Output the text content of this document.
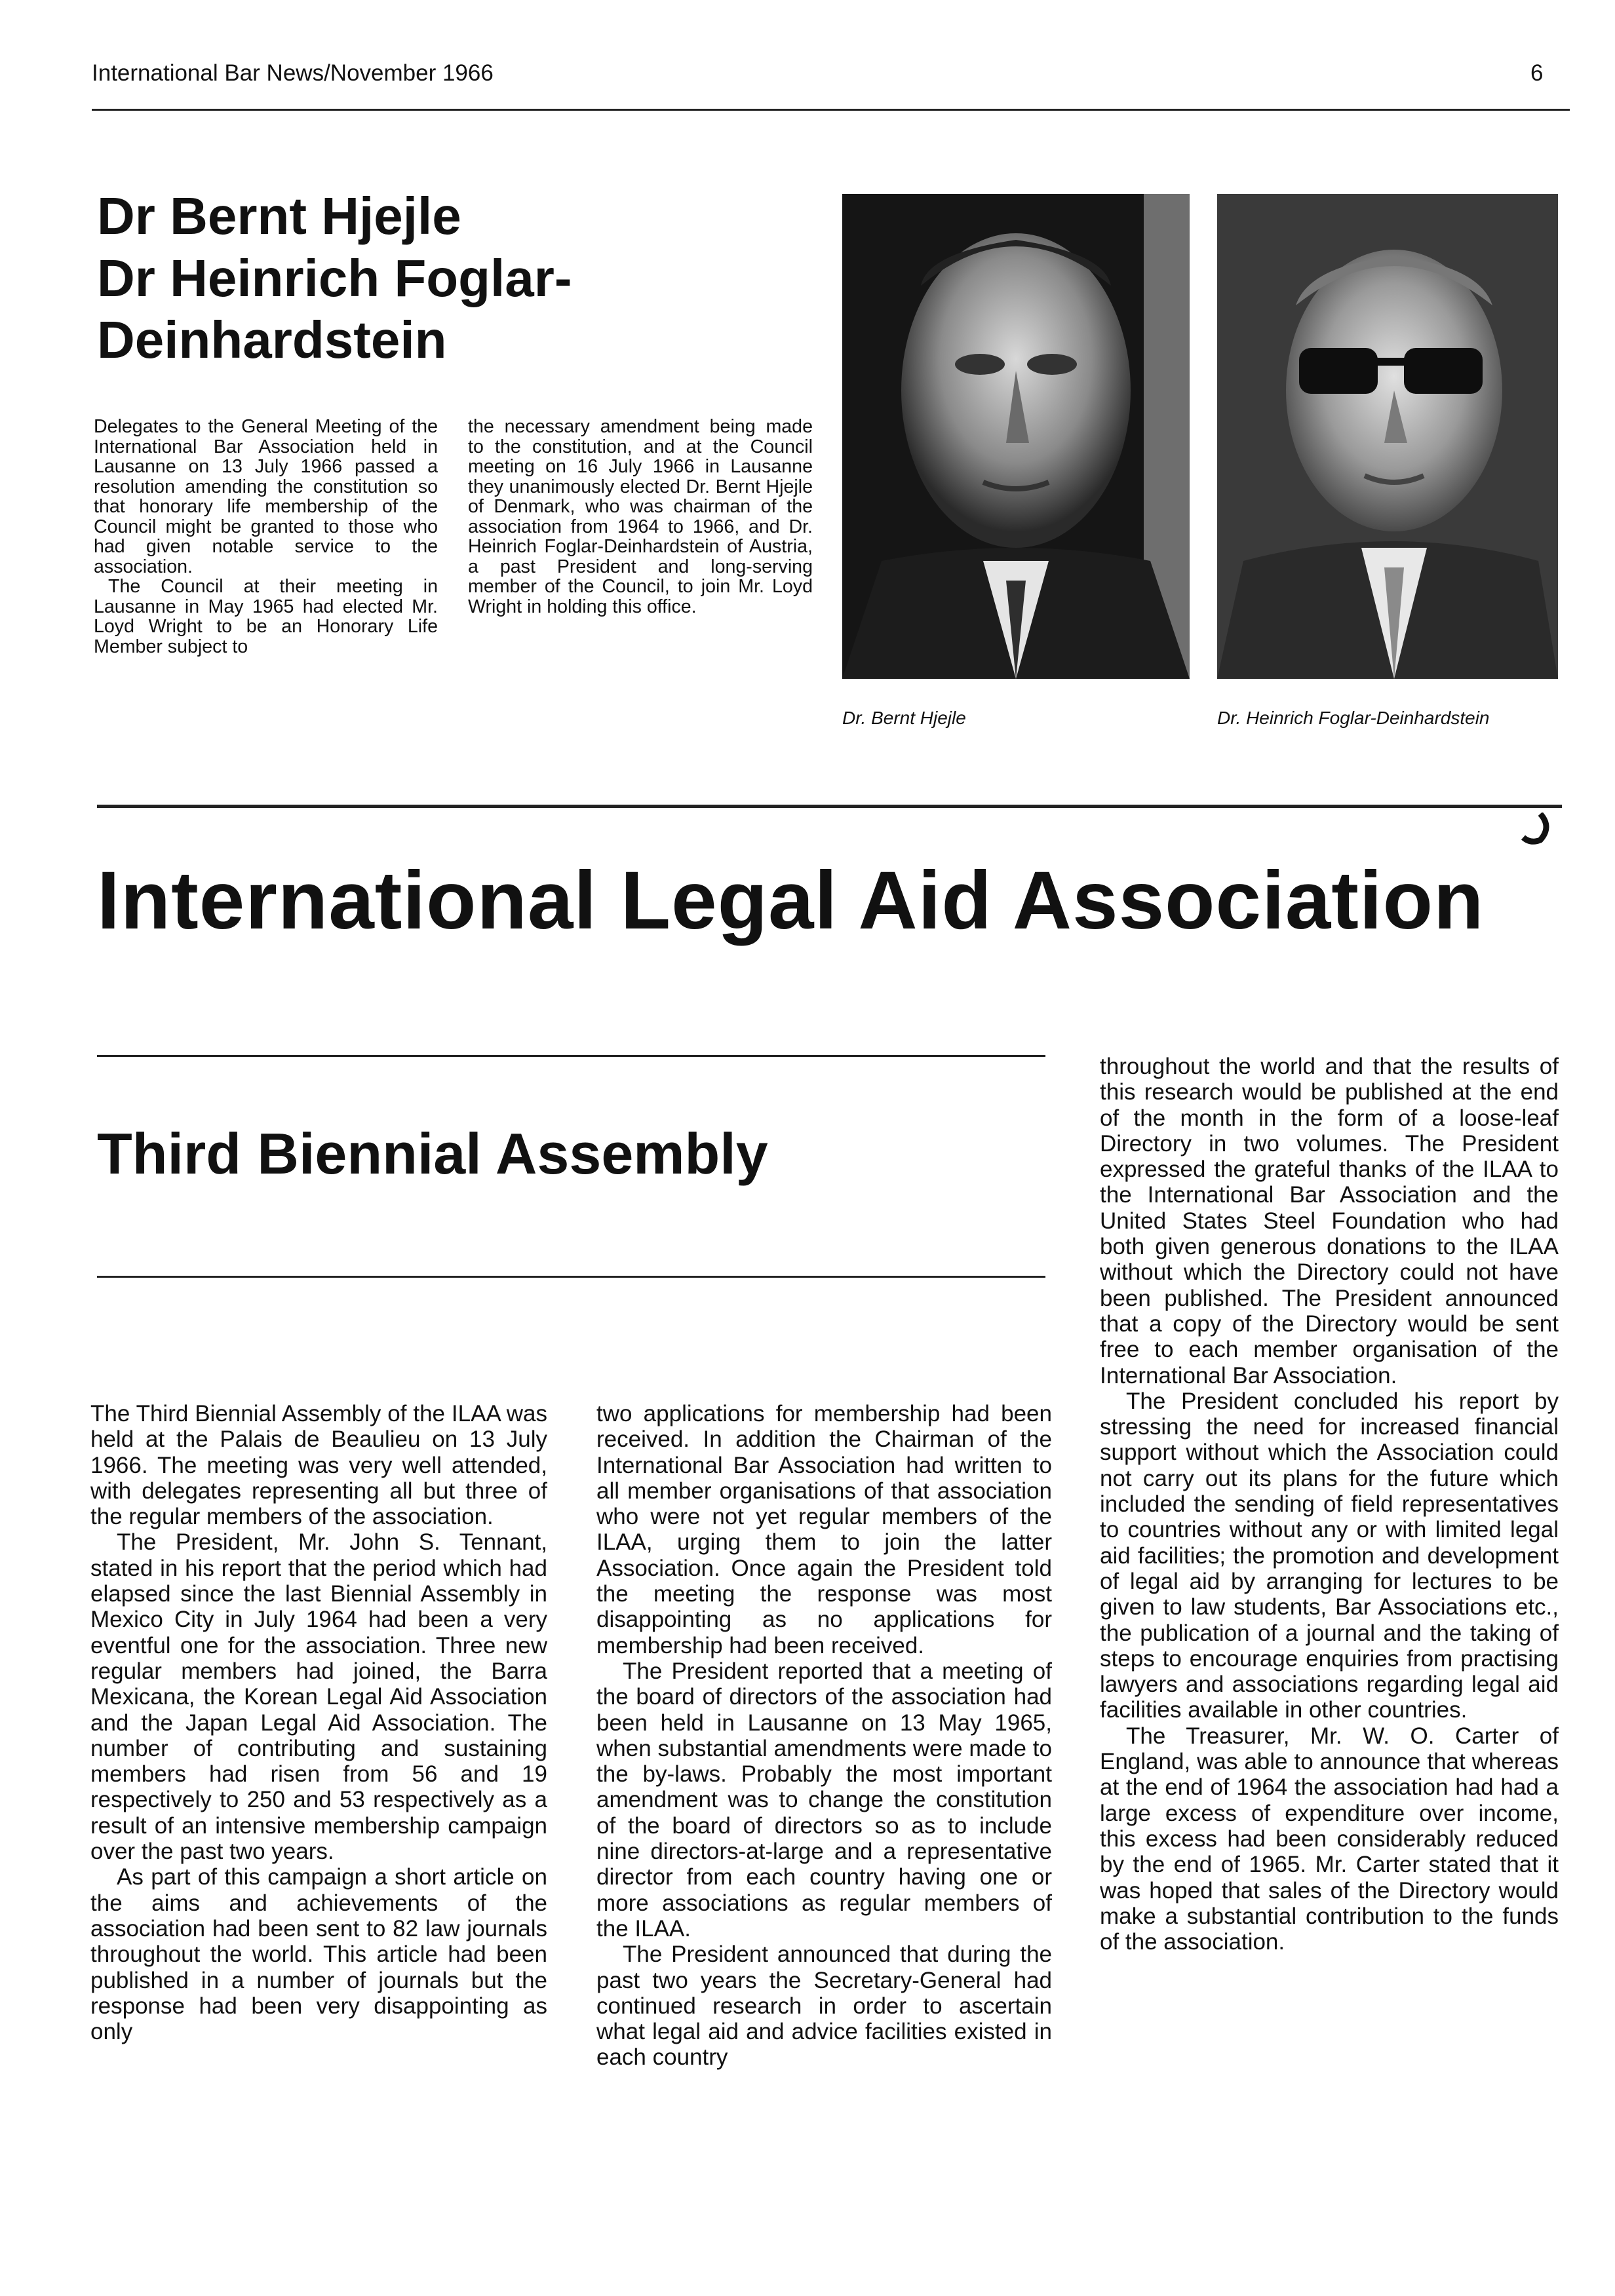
International Bar News/November 1966	6
Dr Bernt Hjejle
Dr Heinrich Foglar-
Deinhardstein

Delegates to the General Meeting of the International Bar Association held in Lausanne on 13 July 1966 passed a resolution amending the constitution so that honorary life membership of the Council might be granted to those who had given notable service to the association.

The Council at their meeting in Lausanne in May 1965 had elected Mr. Loyd Wright to be an Honorary Life Member subject to

the necessary amendment being made to the constitution, and at the Council meeting on 16 July 1966 in Lausanne they unanimously elected Dr. Bernt Hjejle of Denmark, who was chairman of the association from 1964 to 1966, and Dr. Heinrich Foglar-Deinhardstein of Austria, a past President and long-serving member of the Council, to join Mr. Loyd Wright in holding this office.

Dr. Bernt Hjejle	Dr. Heinrich Foglar-Deinhardstein
International Legal Aid Association
Third Biennial Assembly

The Third Biennial Assembly of the ILAA was held at the Palais de Beaulieu on 13 July 1966. The meeting was very well attended, with delegates representing all but three of the regular members of the association.

The President, Mr. John S. Tennant, stated in his report that the period which had elapsed since the last Biennial Assembly in Mexico City in July 1964 had been a very eventful one for the association. Three new regular members had joined, the Barra Mexicana, the Korean Legal Aid Association and the Japan Legal Aid Association. The number of contributing and sustaining members had risen from 56 and 19 respectively to 250 and 53 respectively as a result of an intensive membership campaign over the past two years.

As part of this campaign a short article on the aims and achievements of the association had been sent to 82 law journals throughout the world. This article had been published in a number of journals but the response had been very disappointing as only

two applications for membership had been received. In addition the Chairman of the International Bar Association had written to all member organisations of that association who were not yet regular members of the ILAA, urging them to join the latter Association. Once again the President told the meeting the response was most disappointing as no applications for membership had been received.

The President reported that a meeting of the board of directors of the association had been held in Lausanne on 13 May 1965, when substantial amendments were made to the by-laws. Probably the most important amendment was to change the constitution of the board of directors so as to include nine directors-at-large and a representative director from each country having one or more associations as regular members of the ILAA.

The President announced that during the past two years the Secretary-General had continued research in order to ascertain what legal aid and advice facilities existed in each country

throughout the world and that the results of this research would be published at the end of the month in the form of a loose-leaf Directory in two volumes. The President expressed the grateful thanks of the ILAA to the International Bar Association and the United States Steel Foundation who had both given generous donations to the ILAA without which the Directory could not have been published. The President announced that a copy of the Directory would be sent free to each member organisation of the International Bar Association.

The President concluded his report by stressing the need for increased financial support without which the Association could not carry out its plans for the future which included the sending of field representatives to countries without any or with limited legal aid facilities; the promotion and development of legal aid by arranging for lectures to be given to law students, Bar Associations etc., the publication of a journal and the taking of steps to encourage enquiries from practising lawyers and associations regarding legal aid facilities available in other countries.

The Treasurer, Mr. W. O. Carter of England, was able to announce that whereas at the end of 1964 the association had had a large excess of expenditure over income, this excess had been considerably reduced by the end of 1965. Mr. Carter stated that it was hoped that sales of the Directory would make a substantial contribution to the funds of the association.
